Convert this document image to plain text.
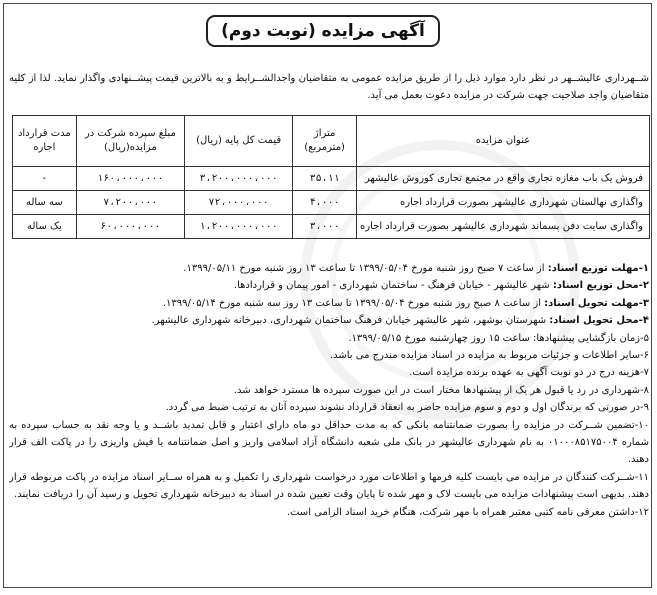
آگهی مزایده (نوبت دوم)
شــهرداری عالیشــهر در نظر دارد موارد ذیل را از طریق مزایده عمومی به متقاضیان واجدالشــرایط و به بالاترین قیمت پیشــنهادی واگذار نماید. لذا از کلیه متقاضیان واجد صلاحیت جهت شرکت در مزایده دعوت بعمل می آید.
عنوان مزایده	متراژ (مترمربع)	قیمت کل پایه (ریال)	مبلغ سپرده شرکت در مزایده(ریال)	مدت قرارداد اجاره
فروش یک باب مغازه تجاری واقع در مجتمع تجاری کوروش عالیشهر	۳۵،۱۱	۳،۲۰۰،۰۰۰،۰۰۰	۱۶۰،۰۰۰،۰۰۰	-
واگذاری نهالستان شهرداری عالیشهر بصورت قرارداد اجاره	۴،۰۰۰	۷۲،۰۰۰،۰۰۰	۷،۲۰۰،۰۰۰	سه ساله
واگذاری سایت دفن پسماند شهرداری عالیشهر بصورت قرارداد اجاره	۳،۰۰۰	۱،۲۰۰،۰۰۰،۰۰۰	۶۰،۰۰۰،۰۰۰	یک ساله
۱-مهلت توزیع اسناد: از ساعت ۷ صبح روز شنبه مورخ ۱۳۹۹/۰۵/۰۴ تا ساعت ۱۳ روز شنبه مورخ ۱۳۹۹/۰۵/۱۱.
۲-محل توزیع اسناد: شهر عالیشهر - خیابان فرهنگ - ساختمان شهرداری - امور پیمان و قراردادها.
۳-مهلت تحویل اسناد: از ساعت ۸ صبح روز شنبه مورخ ۱۳۹۹/۰۵/۰۴ تا ساعت ۱۳ روز سه شنبه مورخ ۱۳۹۹/۰۵/۱۴.
۴-محل تحویل اسناد: شهرستان بوشهر، شهر عالیشهر خیابان فرهنگ ساختمان شهرداری، دبیرخانه شهرداری عالیشهر.
۵-زمان بازگشایی پیشنهادها: ساعت ۱۵ روز چهارشنبه مورخ ۱۳۹۹/۰۵/۱۵.
۶-سایر اطلاعات و جزئیات مربوط به مزایده در اسناد مزایده مندرج می باشد.
۷-هزینه درج در دو نوبت آگهی به عهده برنده مزایده است.
۸-شهرداری در رد یا قبول هر یک از پیشنهادها مختار است در این صورت سپرده ها مسترد خواهد شد.
۹-در صورتی که برندگان اول و دوم و سوم مزایده حاضر به انعقاد قرارداد نشوند سپرده آنان به ترتیب ضبط می گردد.
۱۰-تضمین شــرکت در مزایده را بصورت ضمانتنامه بانکی که به مدت حداقل دو ماه دارای اعتبار و قابل تمدید باشــد و یا وجه نقد به حساب سپرده به شماره ۰۱۰۰۰۸۵۱۷۵۰۰۴ به نام شهرداری عالیشهر در بانک ملی شعبه دانشگاه آزاد اسلامی واریز و اصل ضمانتنامه یا فیش واریزی را در پاکت الف قرار دهند.
۱۱-شــرکت کنندگان در مزایده می بایست کلیه فرمها و اطلاعات مورد درخواست شهرداری را تکمیل و به همراه ســایر اسناد مزایده در پاکت مربوطه قرار دهند. بدیهی است پیشنهادات مزایده می بایست لاک و مهر شده تا پایان وقت تعیین شده در اسناد به دبیرخانه شهرداری تحویل و رسید آن را دریافت نمایند.
۱۲-داشتن معرفی نامه کتبی معتبر همراه با مهر شرکت، هنگام خرید اسناد الزامی است.
